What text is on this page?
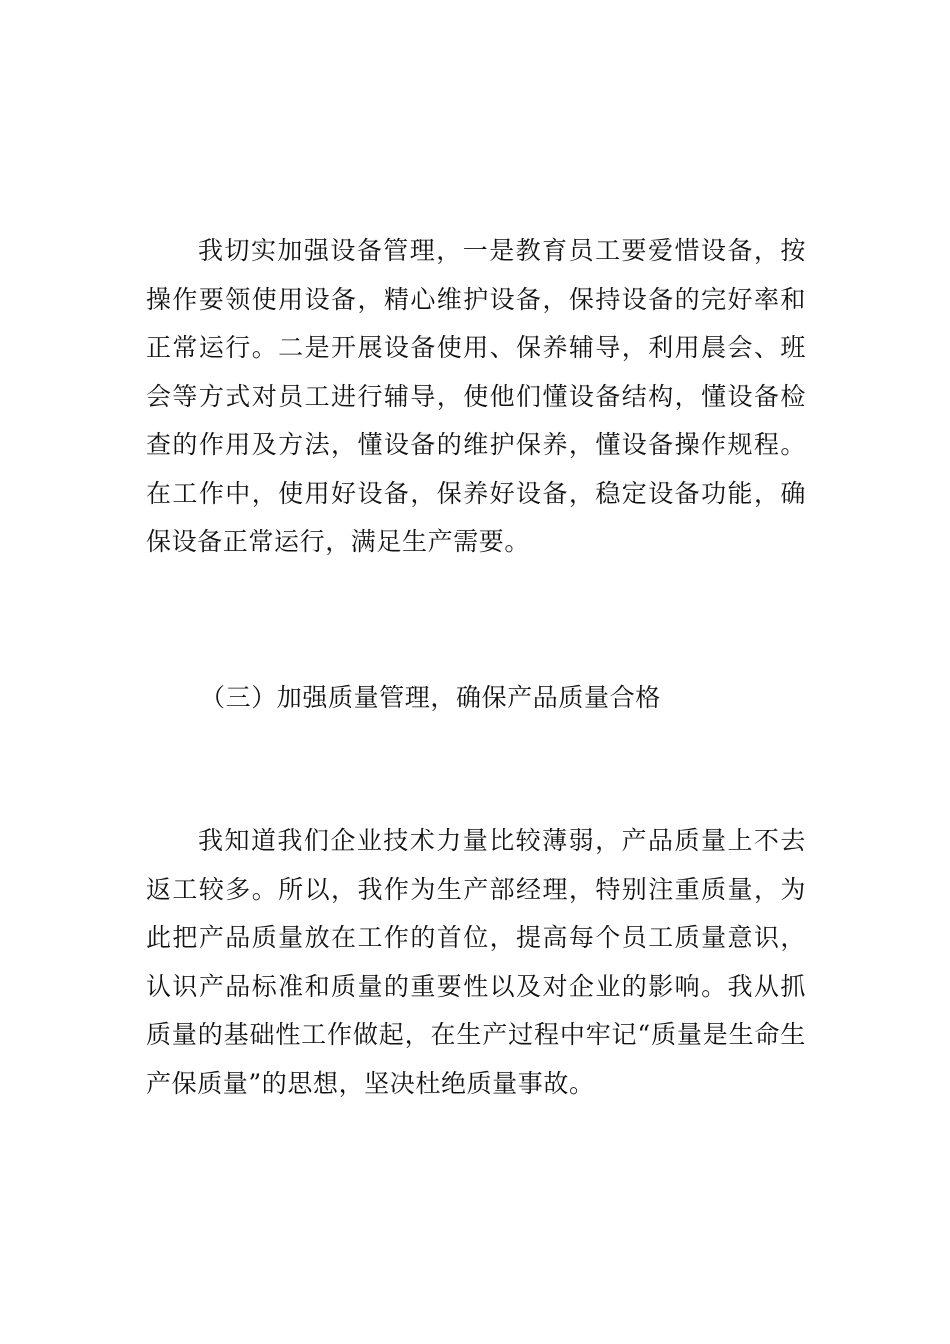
我切实加强设备管理，一是教育员工要爱惜设备，按操作要领使用设备，精心维护设备，保持设备的完好率和正常运行。二是开展设备使用、保养辅导，利用晨会、班会等方式对员工进行辅导，使他们懂设备结构，懂设备检查的作用及方法，懂设备的维护保养，懂设备操作规程。在工作中，使用好设备，保养好设备，稳定设备功能，确保设备正常运行，满足生产需要。

（三）加强质量管理，确保产品质量合格

我知道我们企业技术力量比较薄弱，产品质量上不去返工较多。所以，我作为生产部经理，特别注重质量，为此把产品质量放在工作的首位，提高每个员工质量意识，认识产品标准和质量的重要性以及对企业的影响。我从抓质量的基础性工作做起，在生产过程中牢记“质量是生命生产保质量”的思想，坚决杜绝质量事故。
